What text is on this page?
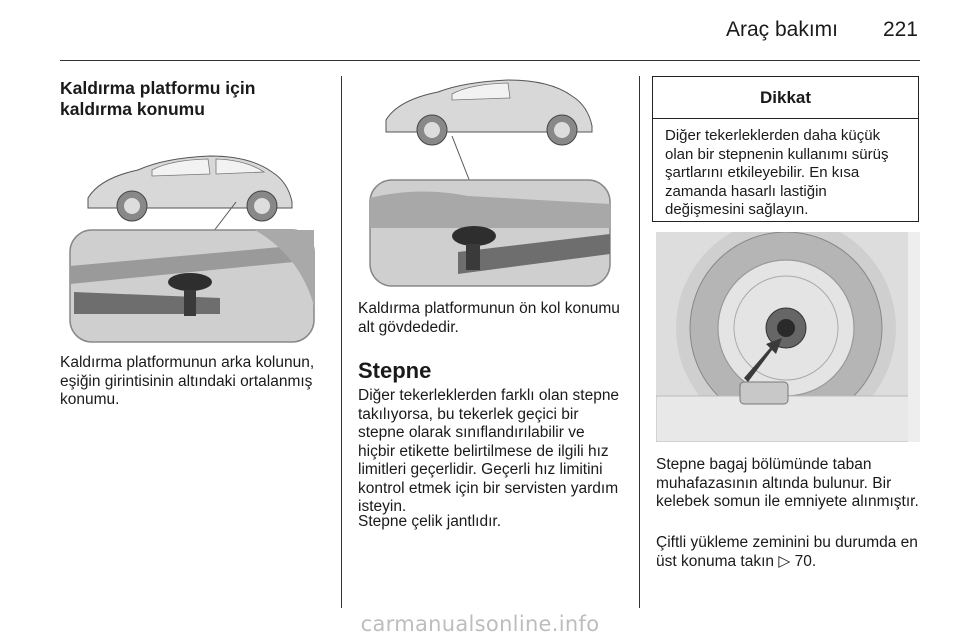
Araç bakımı 221
Kaldırma platformu için kaldırma konumu
Kaldırma platformunun arka kolunun, eşiğin girintisinin altındaki ortalanmış konumu.
Kaldırma platformunun ön kol konumu alt gövdededir.
Stepne
Diğer tekerleklerden farklı olan stepne takılıyorsa, bu tekerlek geçici bir stepne olarak sınıflandırılabilir ve hiçbir etikette belirtilmese de ilgili hız limitleri geçerlidir. Geçerli hız limitini kontrol etmek için bir servisten yardım isteyin.
Stepne çelik jantlıdır.
Dikkat
Diğer tekerleklerden daha küçük olan bir stepnenin kullanımı sürüş şartlarını etkileyebilir. En kısa zamanda hasarlı lastiğin değişmesini sağlayın.
Stepne bagaj bölümünde taban muhafazasının altında bulunur. Bir kelebek somun ile emniyete alınmıştır.
Çiftli yükleme zeminini bu durumda en üst konuma takın ▷ 70.
carmanualsonline.info
